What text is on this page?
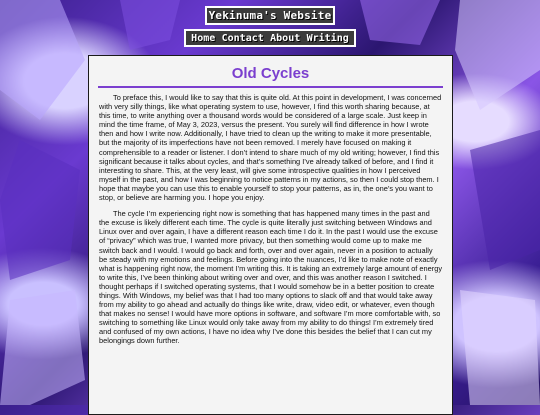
Yekinuma's Website
Home Contact About Writing
Old Cycles

To preface this, I would like to say that this is quite old. At this point in development, I was concerned with very silly things, like what operating system to use, however, I find this worth sharing because, at this time, to write anything over a thousand words would be considered of a large scale. Just keep in mind the time frame, of May 3, 2023, versus the present. You surely will find difference in how I wrote then and how I write now. Additionally, I have tried to clean up the writing to make it more presentable, but the majority of its imperfections have not been removed. I merely have focused on making it comprehensible to a reader or listener. I don’t intend to share much of my old writing; however, I find this significant because it talks about cycles, and that’s something I’ve already talked of before, and I find it interesting to share. This, at the very least, will give some introspective qualities in how I perceived myself in the past, and how I was beginning to notice patterns in my actions, so then I could stop them. I hope that maybe you can use this to enable yourself to stop your patterns, as in, the one’s you want to stop, or believe are harming you. I hope you enjoy.

The cycle I’m experiencing right now is something that has happened many times in the past and the excuse is likely different each time. The cycle is quite literally just switching between Windows and Linux over and over again, I have a different reason each time I do it. In the past I would use the excuse of “privacy” which was true, I wanted more privacy, but then something would come up to make me switch back and I would. I would go back and forth, over and over again, never in a position to actually be steady with my emotions and feelings. Before going into the nuances, I’d like to make note of exactly what is happening right now, the moment I’m writing this. It is taking an extremely large amount of energy to write this, I’ve been thinking about writing over and over, and this was another reason I switched. I thought perhaps if I switched operating systems, that I would somehow be in a better position to create things. With Windows, my belief was that I had too many options to slack off and that would take away from my ability to go ahead and actually do things like write, draw, video edit, or whatever, even though that makes no sense! I would have more options in software, and software I’m more comfortable with, so switching to something like Linux would only take away from my ability to do things! I’m extremely tired and confused of my own actions, I have no idea why I’ve done this besides the belief that I can cut my belongings down further.
